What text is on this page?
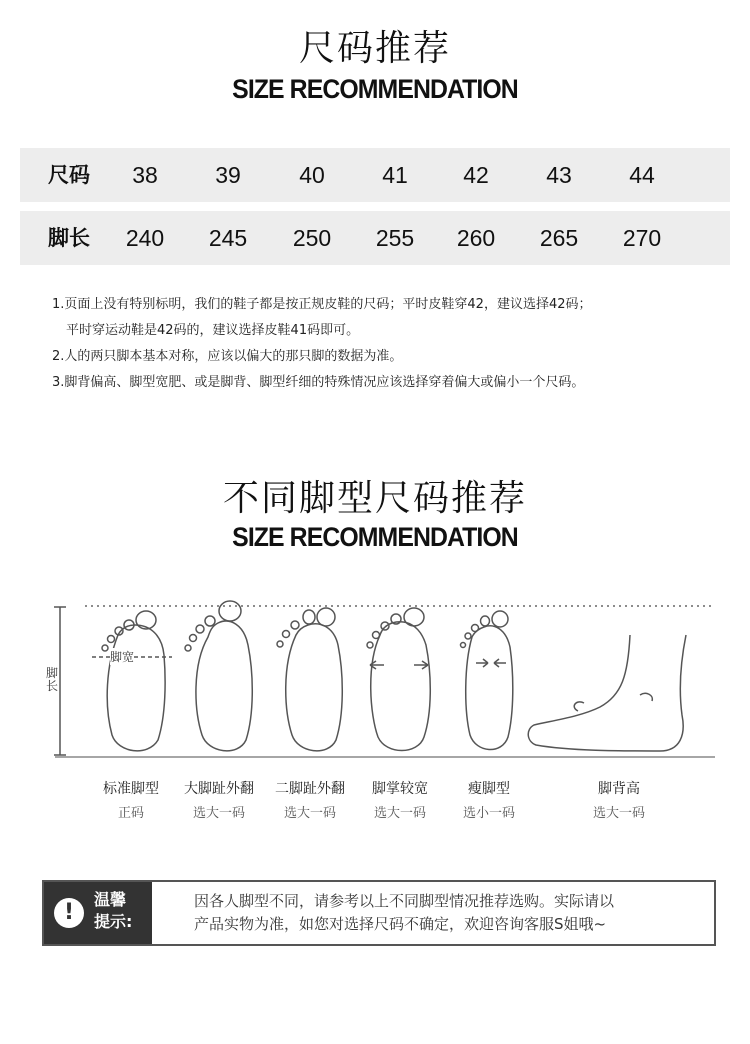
尺码推荐
SIZE RECOMMENDATION
尺码	38	39	40	41	42	43	44
脚长	240	245	250	255	260	265	270
1.页面上没有特别标明，我们的鞋子都是按正规皮鞋的尺码；平时皮鞋穿42，建议选择42码；
平时穿运动鞋是42码的，建议选择皮鞋41码即可。
2.人的两只脚本基本对称，应该以偏大的那只脚的数据为准。
3.脚背偏高、脚型宽肥、或是脚背、脚型纤细的特殊情况应该选择穿着偏大或偏小一个尺码。
不同脚型尺码推荐
SIZE RECOMMENDATION
脚宽
脚长
标准脚型
正码
大脚趾外翻
选大一码
二脚趾外翻
选大一码
脚掌较宽
选大一码
瘦脚型
选小一码
脚背高
选大一码
!
温馨
提示:
因各人脚型不同，请参考以上不同脚型情况推荐选购。实际请以
产品实物为准，如您对选择尺码不确定，欢迎咨询客服S姐哦~
